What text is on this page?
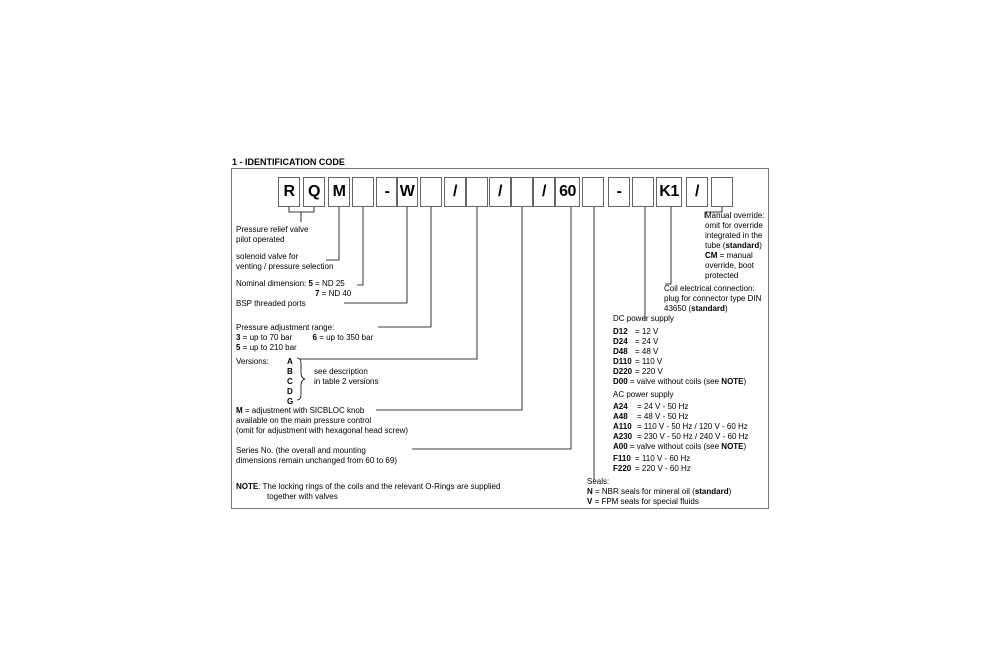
1 - IDENTIFICATION CODE
R Q M	- W	/	/	/ 60	-	K1	/
Pressure relief valve
pilot operated
solenoid valve for
venting / pressure selection
Nominal dimension: 5 = ND 25
7 = ND 40
BSP threaded ports
Pressure adjustment range:
3 = up to 70 bar	6 = up to 350 bar
5 = up to 210 bar
Versions: A
B
C
D
G
see description
in table 2 versions
M = adjustment with SICBLOC knob
available on the main pressure control
(omit for adjustment with hexagonal head screw)
Series No. (the overall and mounting
dimensions remain unchanged from 60 to 69)
NOTE: The locking rings of the coils and the relevant O-Rings are supplied
together with valves
Manual override:
omit for override
integrated in the
tube (standard)
CM = manual
override, boot
protected
Coil electrical connection:
plug for connector type DIN
43650 (standard)
DC power supply
D12 = 12 V
D24 = 24 V
D48 = 48 V
D110 = 110 V
D220 = 220 V
D00 = valve without coils (see NOTE)
AC power supply
A24 = 24 V - 50 Hz
A48 = 48 V - 50 Hz
A110 = 110 V - 50 Hz / 120 V - 60 Hz
A230 = 230 V - 50 Hz / 240 V - 60 Hz
A00 = valve without coils (see NOTE)
F110 = 110 V - 60 Hz
F220 = 220 V - 60 Hz
Seals:
N = NBR seals for mineral oil (standard)
V = FPM seals for special fluids
